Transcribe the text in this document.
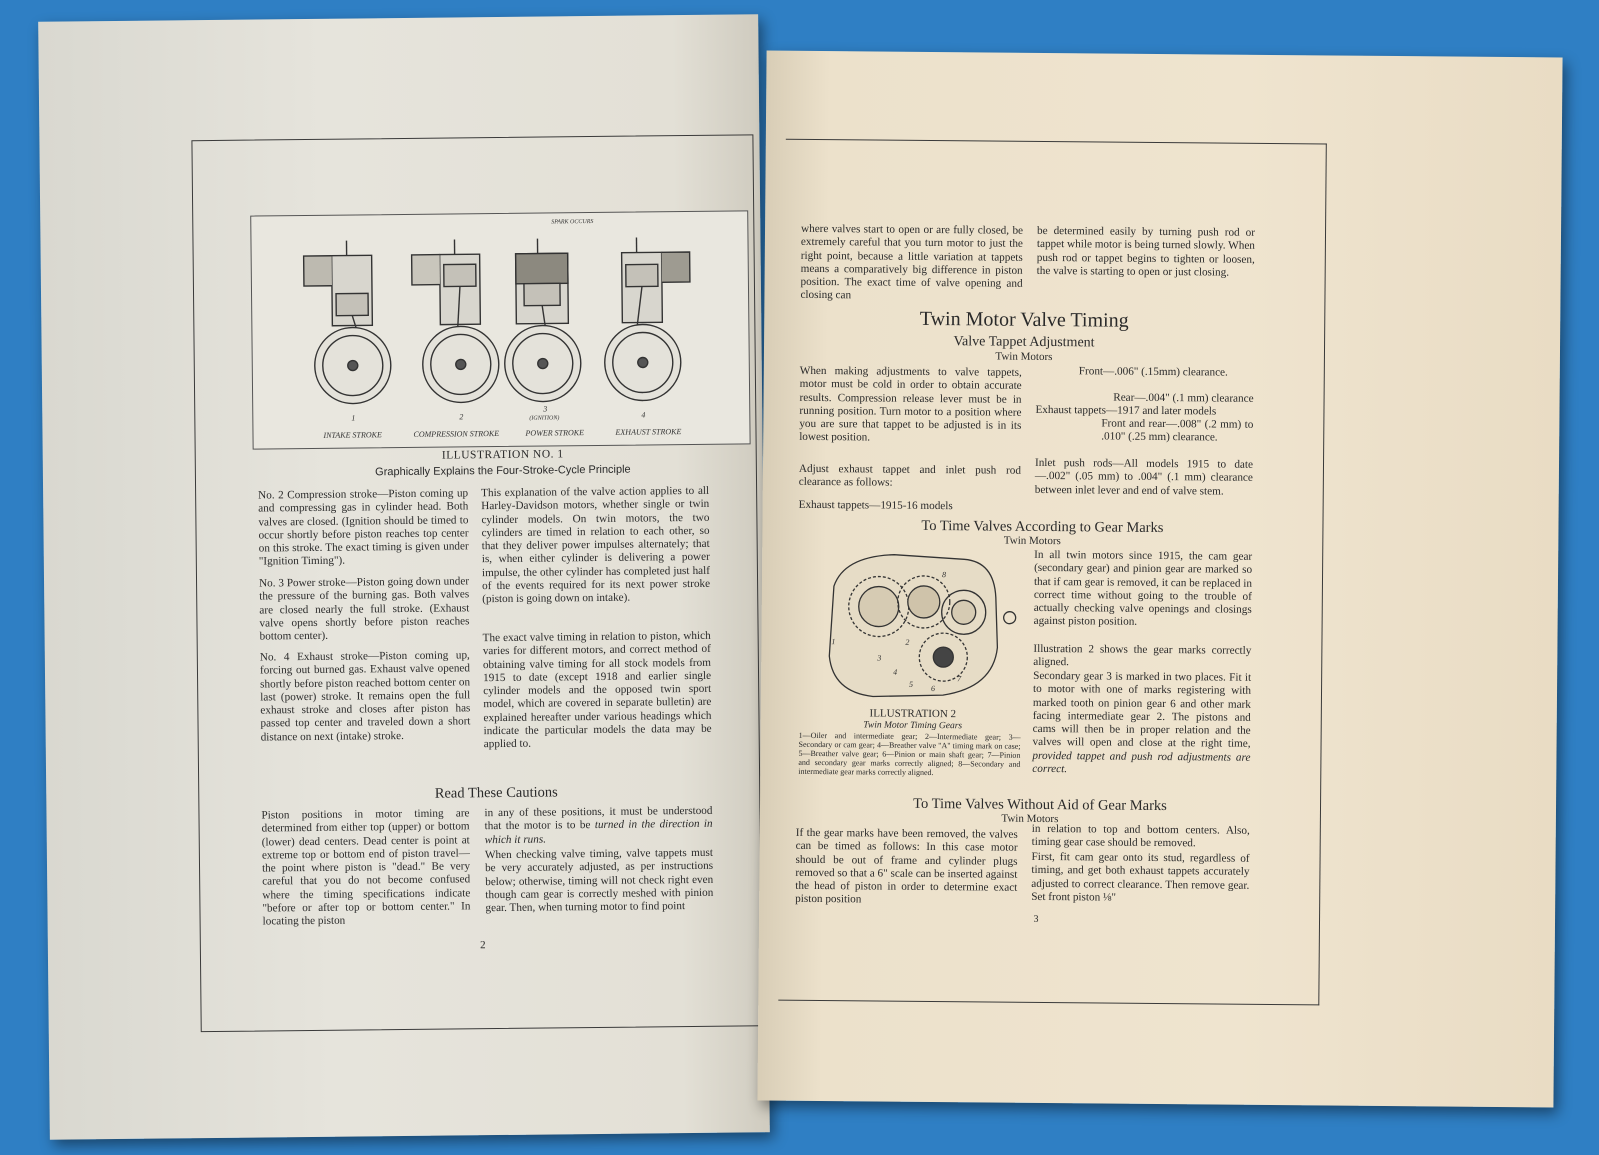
1	2
3
4
(IGNITION)
INTAKE STROKE	COMPRESSION STROKE	POWER STROKE	EXHAUST STROKE
SPARK OCCURS
ILLUSTRATION NO. 1
Graphically Explains the Four-Stroke-Cycle Principle
No. 2 Compression stroke—Piston coming up and compressing gas in cylinder head. Both valves are closed. (Ignition should be timed to occur shortly before piston reaches top center on this stroke. The exact timing is given under "Ignition Timing").
No. 3 Power stroke—Piston going down under the pressure of the burning gas. Both valves are closed nearly the full stroke. (Exhaust valve opens shortly before piston reaches bottom center).
No. 4 Exhaust stroke—Piston coming up, forcing out burned gas. Exhaust valve opened shortly before piston reached bottom center on last (power) stroke. It remains open the full exhaust stroke and closes after piston has passed top center and traveled down a short distance on next (intake) stroke.
This explanation of the valve action applies to all Harley-Davidson motors, whether single or twin cylinder models. On twin motors, the two cylinders are timed in relation to each other, so that they deliver power impulses alternately; that is, when either cylinder is delivering a power impulse, the other cylinder has completed just half of the events required for its next power stroke (piston is going down on intake).
The exact valve timing in relation to piston, which varies for different motors, and correct method of obtaining valve timing for all stock models from 1915 to date (except 1918 and earlier single cylinder models and the opposed twin sport model, which are covered in separate bulletin) are explained hereafter under various headings which indicate the particular models the data may be applied to.
Read These Cautions
Piston positions in motor timing are determined from either top (upper) or bottom (lower) dead centers. Dead center is point at extreme top or bottom end of piston travel—the point where piston is "dead." Be very careful that you do not become confused where the timing specifications indicate "before or after top or bottom center." In locating the piston
in any of these positions, it must be understood that the motor is to be turned in the direction in which it runs.
When checking valve timing, valve tappets must be very accurately adjusted, as per instructions below; otherwise, timing will not check right even though cam gear is correctly meshed with pinion gear. Then, when turning motor to find point
2
where valves start to open or are fully closed, be extremely careful that you turn motor to just the right point, because a little variation at tappets means a comparatively big difference in piston position. The exact time of valve opening and closing can
be determined easily by turning push rod or tappet while motor is being turned slowly. When push rod or tappet begins to tighten or loosen, the valve is starting to open or just closing.
Twin Motor Valve Timing
Valve Tappet Adjustment
Twin Motors
When making adjustments to valve tappets, motor must be cold in order to obtain accurate results. Compression release lever must be in running position. Turn motor to a position where you are sure that tappet to be adjusted is in its lowest position.
Adjust exhaust tappet and inlet push rod clearance as follows:
Exhaust tappets—1915-16 models
Front—.006" (.15mm) clearance.
Rear—.004" (.1 mm) clearance
Exhaust tappets—1917 and later models
Front and rear—.008" (.2 mm) to .010" (.25 mm) clearance.
Inlet push rods—All models 1915 to date —.002" (.05 mm) to .004" (.1 mm) clearance between inlet lever and end of valve stem.
To Time Valves According to Gear Marks
Twin Motors
1	2
3
4
5 6
7
8
ILLUSTRATION 2
Twin Motor Timing Gears
1—Oiler and intermediate gear; 2—Intermediate gear; 3—Secondary or cam gear; 4—Breather valve "A" timing mark on case; 5—Breather valve gear; 6—Pinion or main shaft gear; 7—Pinion and secondary gear marks correctly aligned; 8—Secondary and intermediate gear marks correctly aligned.
In all twin motors since 1915, the cam gear (secondary gear) and pinion gear are marked so that if cam gear is removed, it can be replaced in correct time without going to the trouble of actually checking valve openings and closings against piston position.
Illustration 2 shows the gear marks correctly aligned.
Secondary gear 3 is marked in two places. Fit it to motor with one of marks registering with marked tooth on pinion gear 6 and other mark facing intermediate gear 2. The pistons and cams will then be in proper relation and the valves will open and close at the right time, provided tappet and push rod adjustments are correct.
To Time Valves Without Aid of Gear Marks
Twin Motors
If the gear marks have been removed, the valves can be timed as follows: In this case motor should be out of frame and cylinder plugs removed so that a 6" scale can be inserted against the head of piston in order to determine exact piston position
in relation to top and bottom centers. Also, timing gear case should be removed.
First, fit cam gear onto its stud, regardless of timing, and get both exhaust tappets accurately adjusted to correct clearance. Then remove gear. Set front piston ⅛"
3
